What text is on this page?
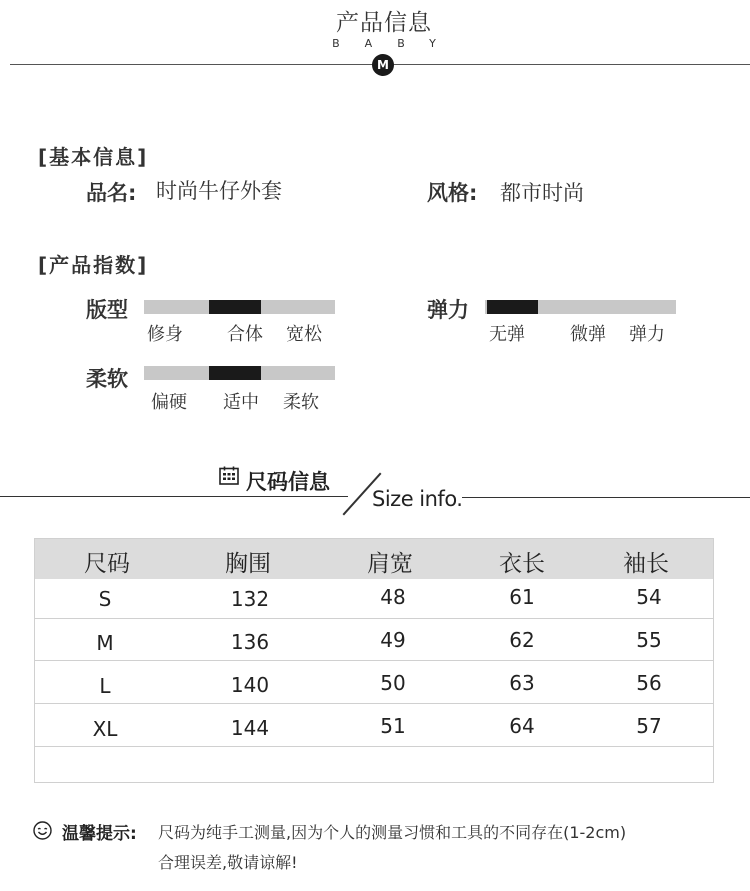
产品信息
BABY
M
[基本信息]
品名: 时尚牛仔外套	风格: 都市时尚
[产品指数]
版型
修身 合体 宽松
弹力
无弹	微弹 弹力
柔软
偏硬 适中 柔软
尺码信息
Size info.
尺码	胸围	肩宽	衣长	袖长
S	132	48	61	54
M	136	49	62	55
L	140	50	63	56
XL	144	51	64	57
温馨提示: 尺码为纯手工测量,因为个人的测量习惯和工具的不同存在(1-2cm)
合理误差,敬请谅解!
